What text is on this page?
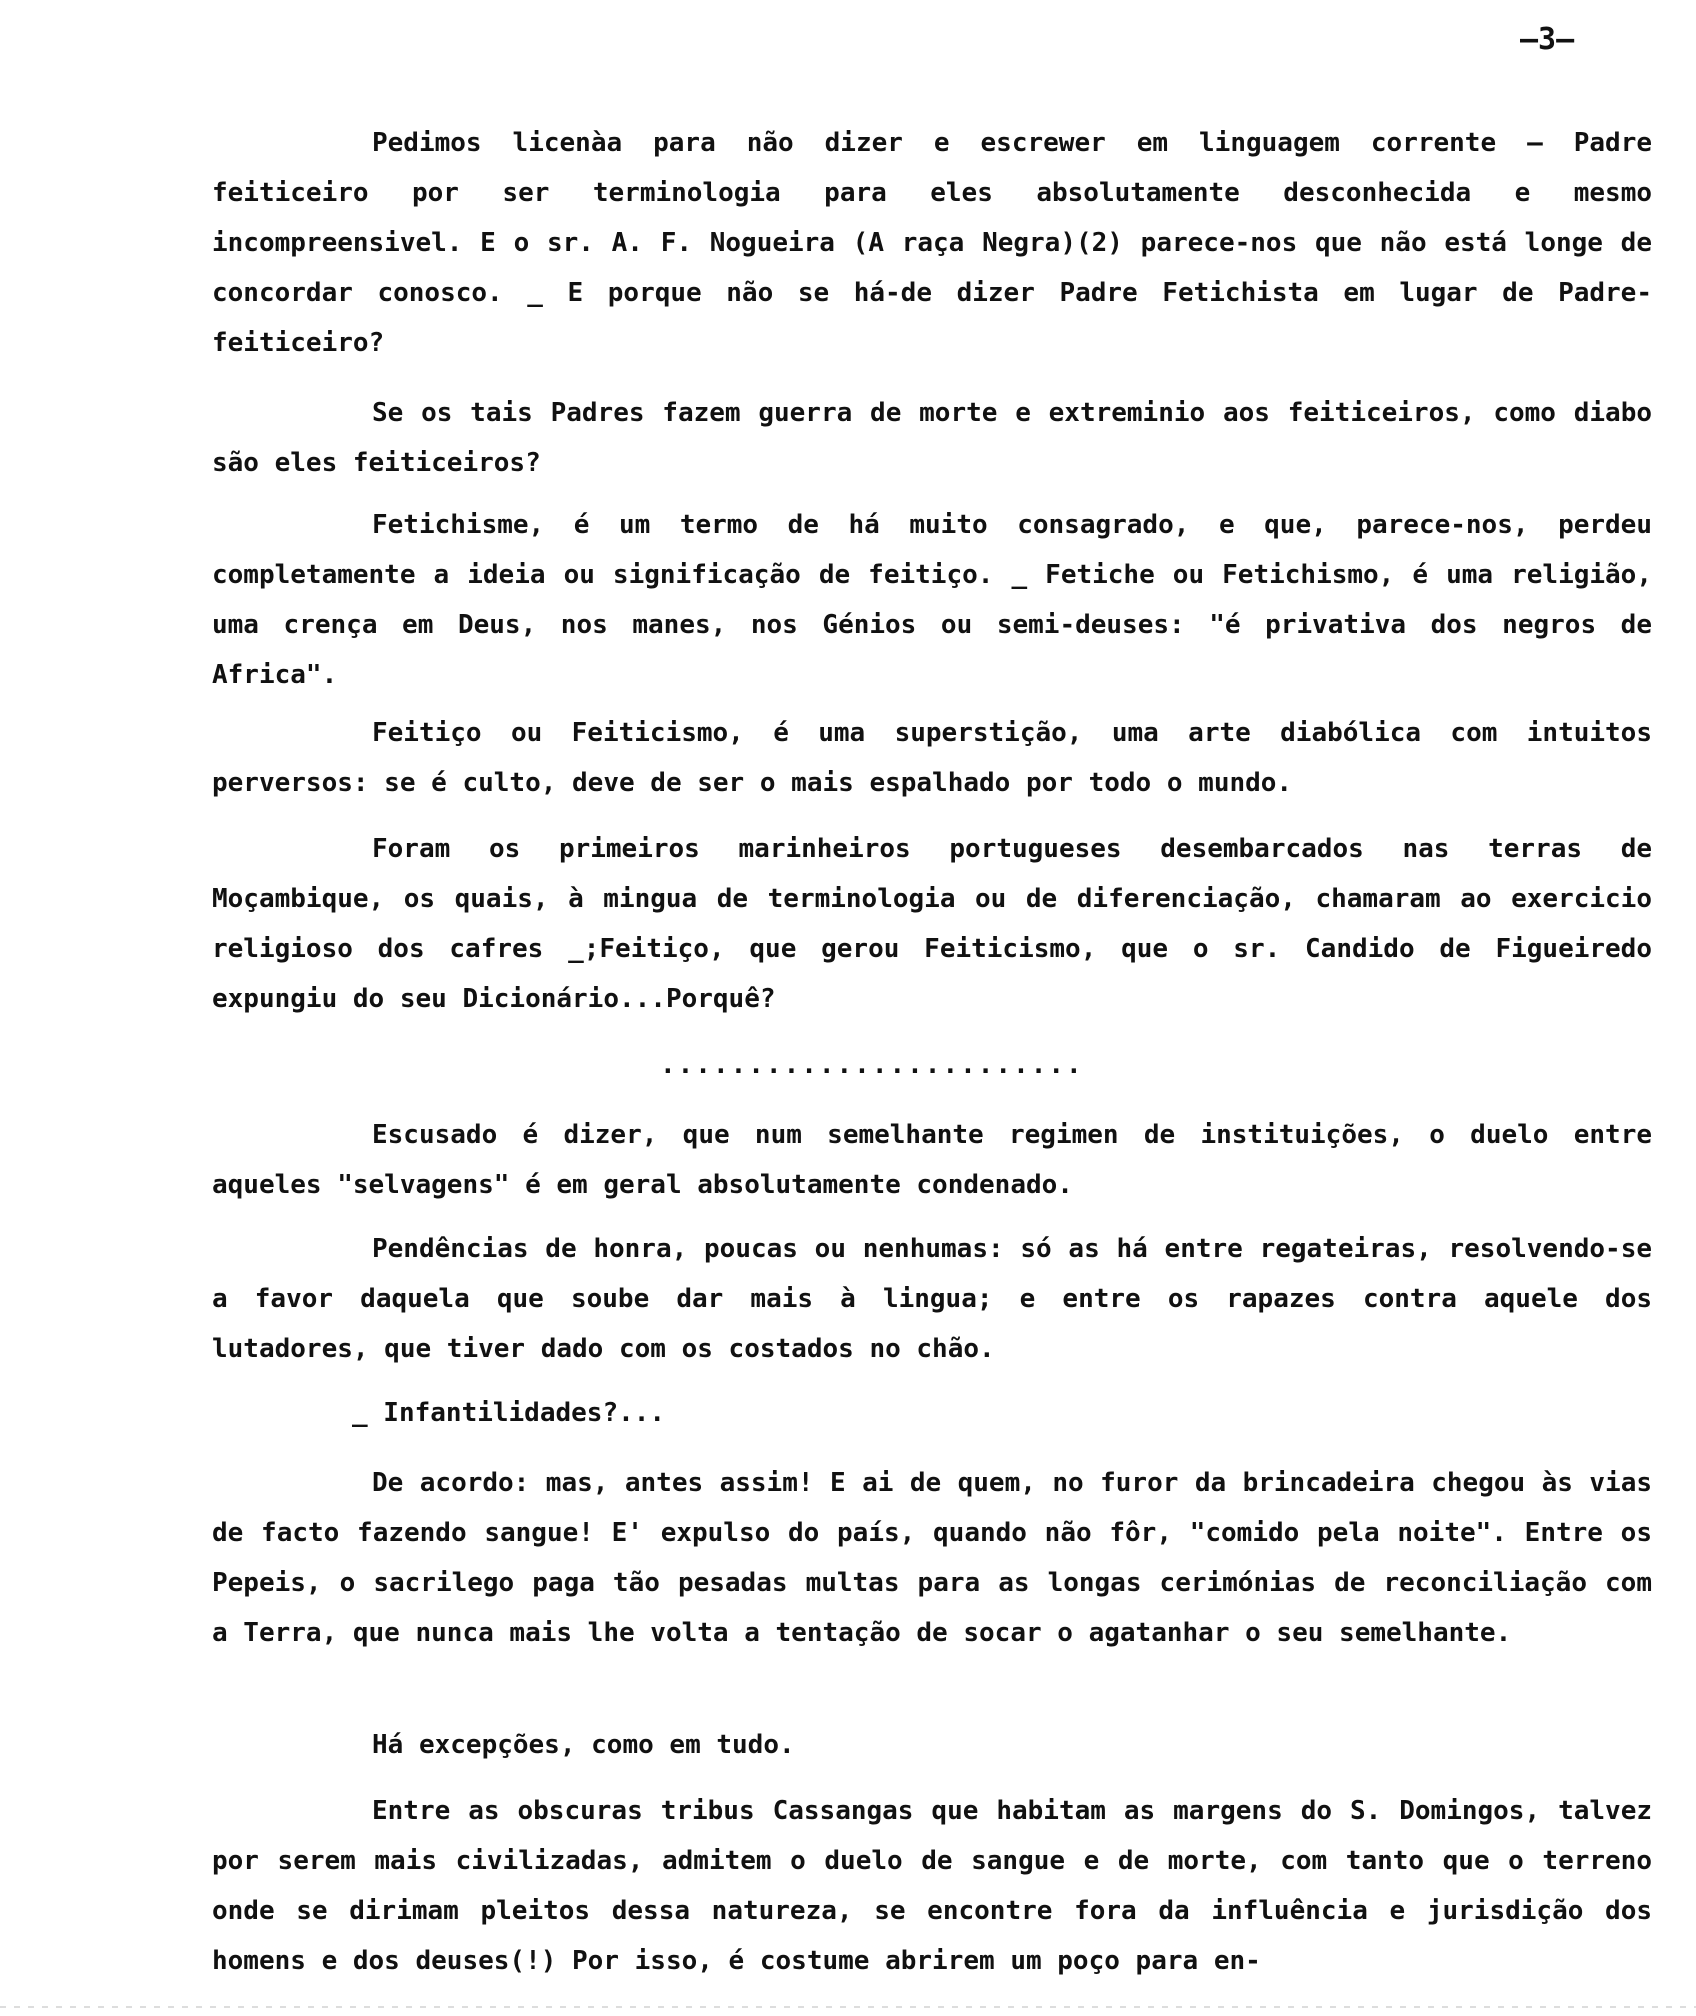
—3—

Pedimos licenàa para não dizer e escrewer em linguagem corrente – Padre feiticeiro por ser terminologia para eles absolutamente desconhecida e mesmo incompreensivel. E o sr. A. F. Nogueira (A raça Negra)(2) parece-nos que não está longe de concordar conosco. _ E porque não se há-de dizer Padre Fetichista em lugar de Padre-feiticeiro?

Se os tais Padres fazem guerra de morte e extreminio aos feiticeiros, como diabo são eles feiticeiros?

Fetichisme, é um termo de há muito consagrado, e que, parece-nos, perdeu completamente a ideia ou significação de feitiço. _ Fetiche ou Fetichismo, é uma religião, uma crença em Deus, nos manes, nos Génios ou semi-deuses: "é privativa dos negros de Africa".

Feitiço ou Feiticismo, é uma superstição, uma arte diabólica com intuitos perversos: se é culto, deve de ser o mais espalhado por todo o mundo.

Foram os primeiros marinheiros portugueses desembarcados nas terras de Moçambique, os quais, à mingua de terminologia ou de diferenciação, chamaram ao exercicio religioso dos cafres _;Feitiço, que gerou Feiticismo, que o sr. Candido de Figueiredo expungiu do seu Dicionário...Porquê?

........................

Escusado é dizer, que num semelhante regimen de instituições, o duelo entre aqueles "selvagens" é em geral absolutamente condenado.

Pendências de honra, poucas ou nenhumas: só as há entre regateiras, resolvendo-se a favor daquela que soube dar mais à lingua; e entre os rapazes contra aquele dos lutadores, que tiver dado com os costados no chão.

_ Infantilidades?...

De acordo: mas, antes assim! E ai de quem, no furor da brincadeira chegou às vias de facto fazendo sangue! E' expulso do país, quando não fôr, "comido pela noite". Entre os Pepeis, o sacrilego paga tão pesadas multas para as longas cerimónias de reconciliação com a Terra, que nunca mais lhe volta a tentação de socar o agatanhar o seu semelhante.

Há excepções, como em tudo.

Entre as obscuras tribus Cassangas que habitam as margens do S. Domingos, talvez por serem mais civilizadas, admitem o duelo de sangue e de morte, com tanto que o terreno onde se dirimam pleitos dessa natureza, se encontre fora da influência e jurisdição dos homens e dos deuses(!) Por isso, é costume abrirem um poço para en-
